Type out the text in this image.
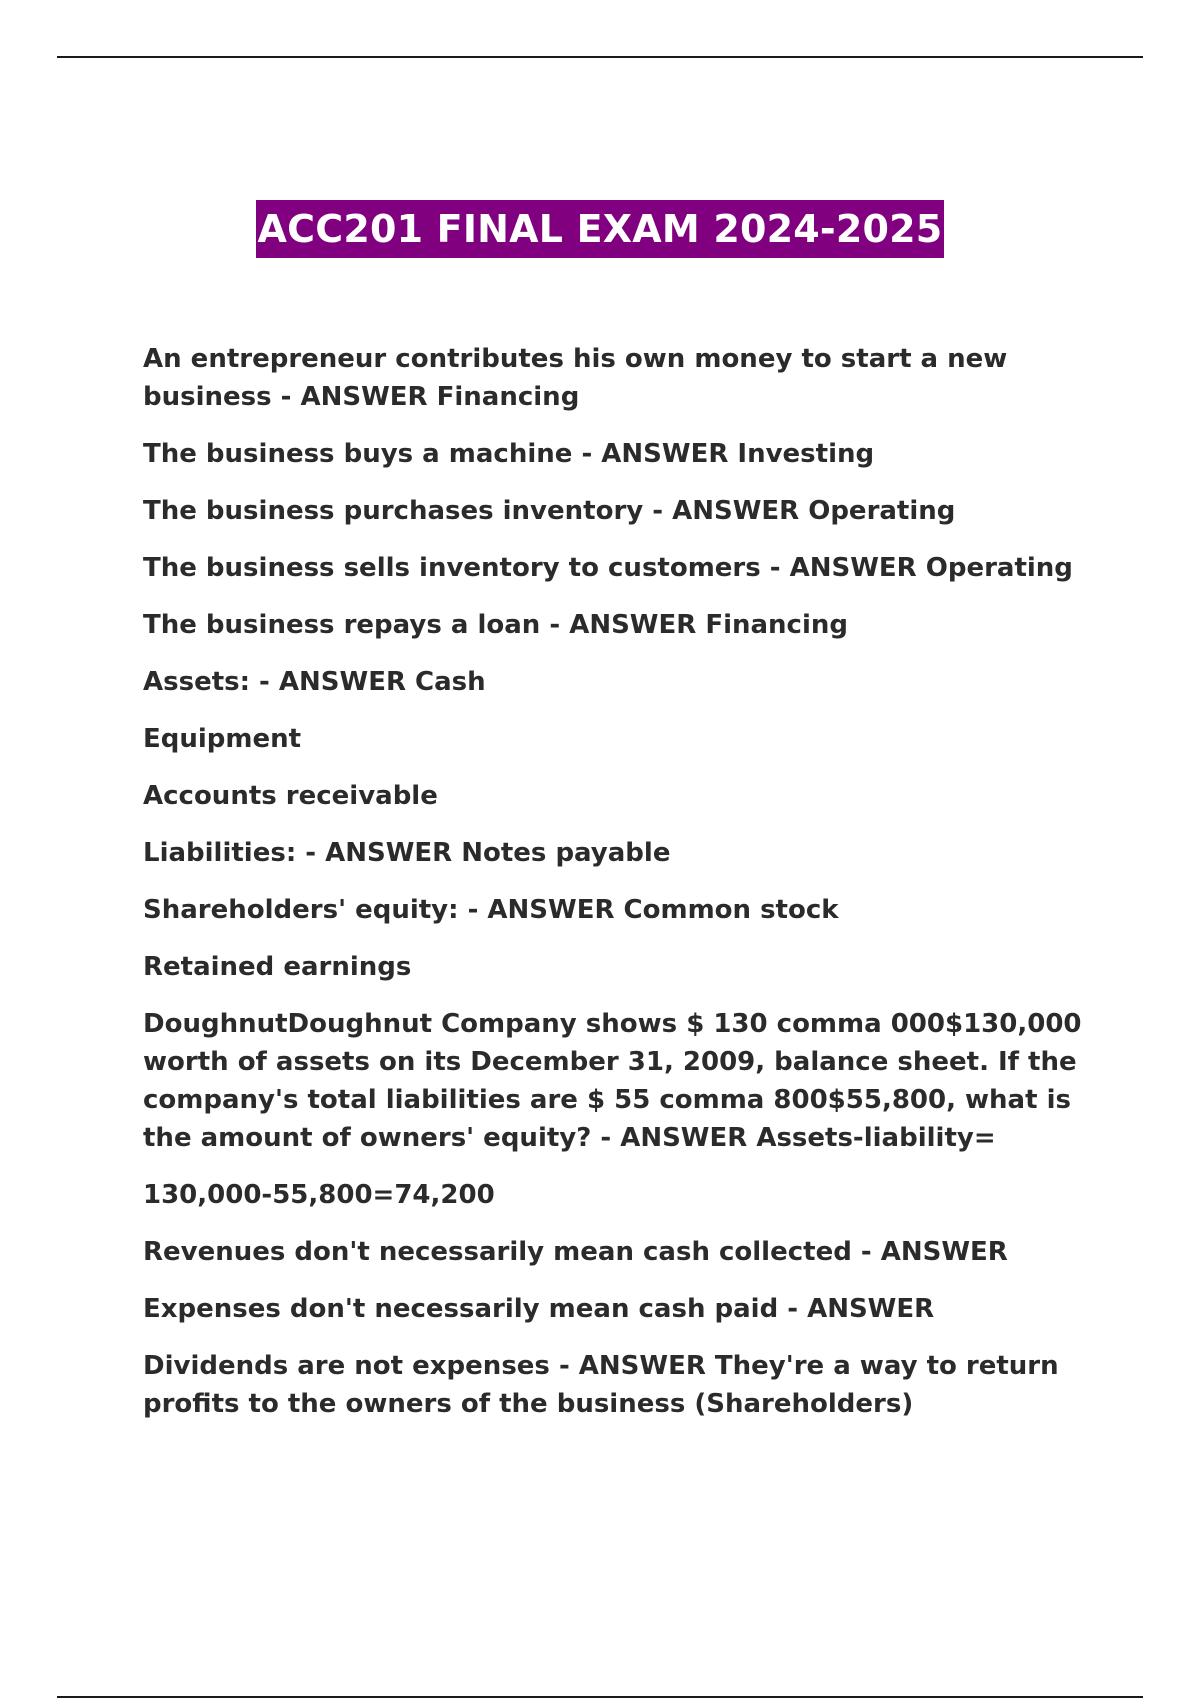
ACC201 FINAL EXAM 2024-2025

An entrepreneur contributes his own money to start a new business - ANSWER Financing

The business buys a machine - ANSWER Investing

The business purchases inventory - ANSWER Operating

The business sells inventory to customers - ANSWER Operating

The business repays a loan - ANSWER Financing

Assets: - ANSWER Cash

Equipment

Accounts receivable

Liabilities: - ANSWER Notes payable

Shareholders' equity: - ANSWER Common stock

Retained earnings

DoughnutDoughnut Company shows $ 130 comma 000$130,000 worth of assets on its December 31, 2009, balance sheet. If the company's total liabilities are $ 55 comma 800$55,800, what is the amount of owners' equity? - ANSWER Assets-liability=

130,000-55,800=74,200

Revenues don't necessarily mean cash collected - ANSWER

Expenses don't necessarily mean cash paid - ANSWER

Dividends are not expenses - ANSWER They're a way to return profits to the owners of the business (Shareholders)
